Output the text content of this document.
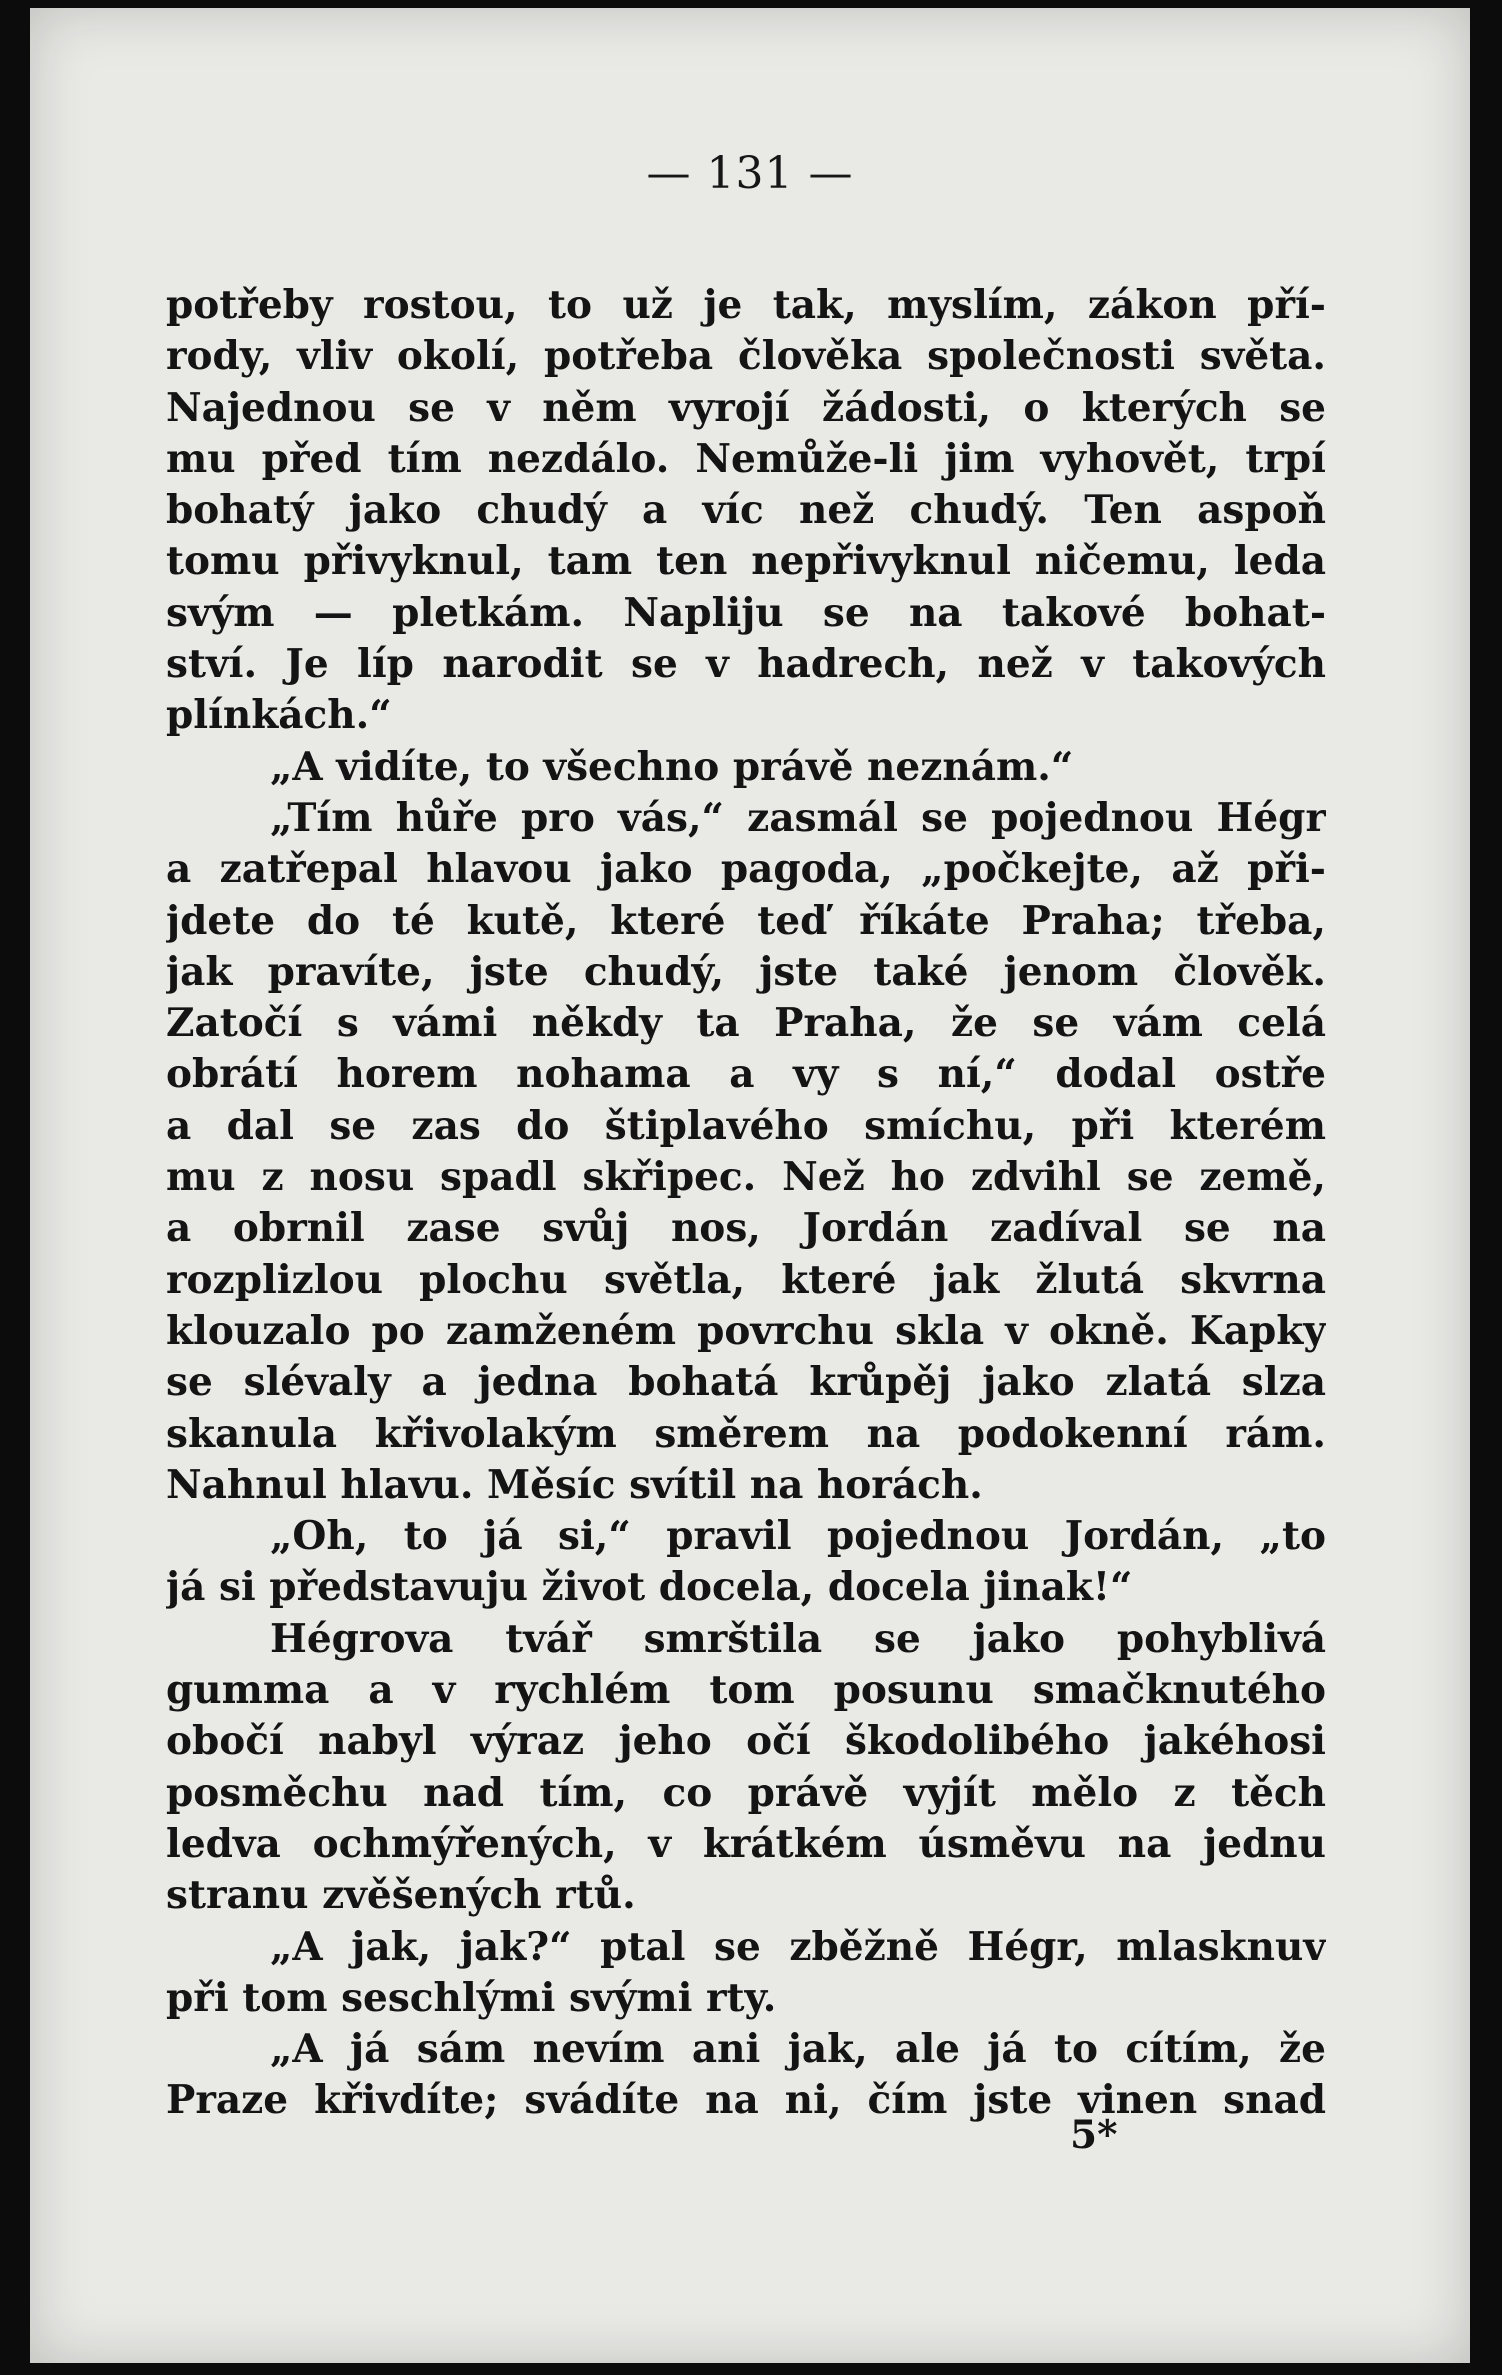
— 131 —
potřeby rostou, to už je tak, myslím, zákon pří-
rody, vliv okolí, potřeba člověka společnosti světa.
Najednou se v něm vyrojí žádosti, o kterých se
mu před tím nezdálo. Nemůže-li jim vyhovět, trpí
bohatý jako chudý a víc než chudý. Ten aspoň
tomu přivyknul, tam ten nepřivyknul ničemu, leda
svým — pletkám. Napliju se na takové bohat-
ství. Je líp narodit se v hadrech, než v takových
plínkách.“
„A vidíte, to všechno právě neznám.“
„Tím hůře pro vás,“ zasmál se pojednou Hégr
a zatřepal hlavou jako pagoda, „počkejte, až při-
jdete do té kutě, které teď říkáte Praha; třeba,
jak pravíte, jste chudý, jste také jenom člověk.
Zatočí s vámi někdy ta Praha, že se vám celá
obrátí horem nohama a vy s ní,“ dodal ostře
a dal se zas do štiplavého smíchu, při kterém
mu z nosu spadl skřipec. Než ho zdvihl se země,
a obrnil zase svůj nos, Jordán zadíval se na
rozplizlou plochu světla, které jak žlutá skvrna
klouzalo po zamženém povrchu skla v okně. Kapky
se slévaly a jedna bohatá krůpěj jako zlatá slza
skanula křivolakým směrem na podokenní rám.
Nahnul hlavu. Měsíc svítil na horách.
„Oh, to já si,“ pravil pojednou Jordán, „to
já si představuju život docela, docela jinak!“
Hégrova tvář smrštila se jako pohyblivá
gumma a v rychlém tom posunu smačknutého
obočí nabyl výraz jeho očí škodolibého jakéhosi
posměchu nad tím, co právě vyjít mělo z těch
ledva ochmýřených, v krátkém úsměvu na jednu
stranu zvěšených rtů.
„A jak, jak?“ ptal se zběžně Hégr, mlasknuv
při tom seschlými svými rty.
„A já sám nevím ani jak, ale já to cítím, že
Praze křivdíte; svádíte na ni, čím jste vinen snad
5*
